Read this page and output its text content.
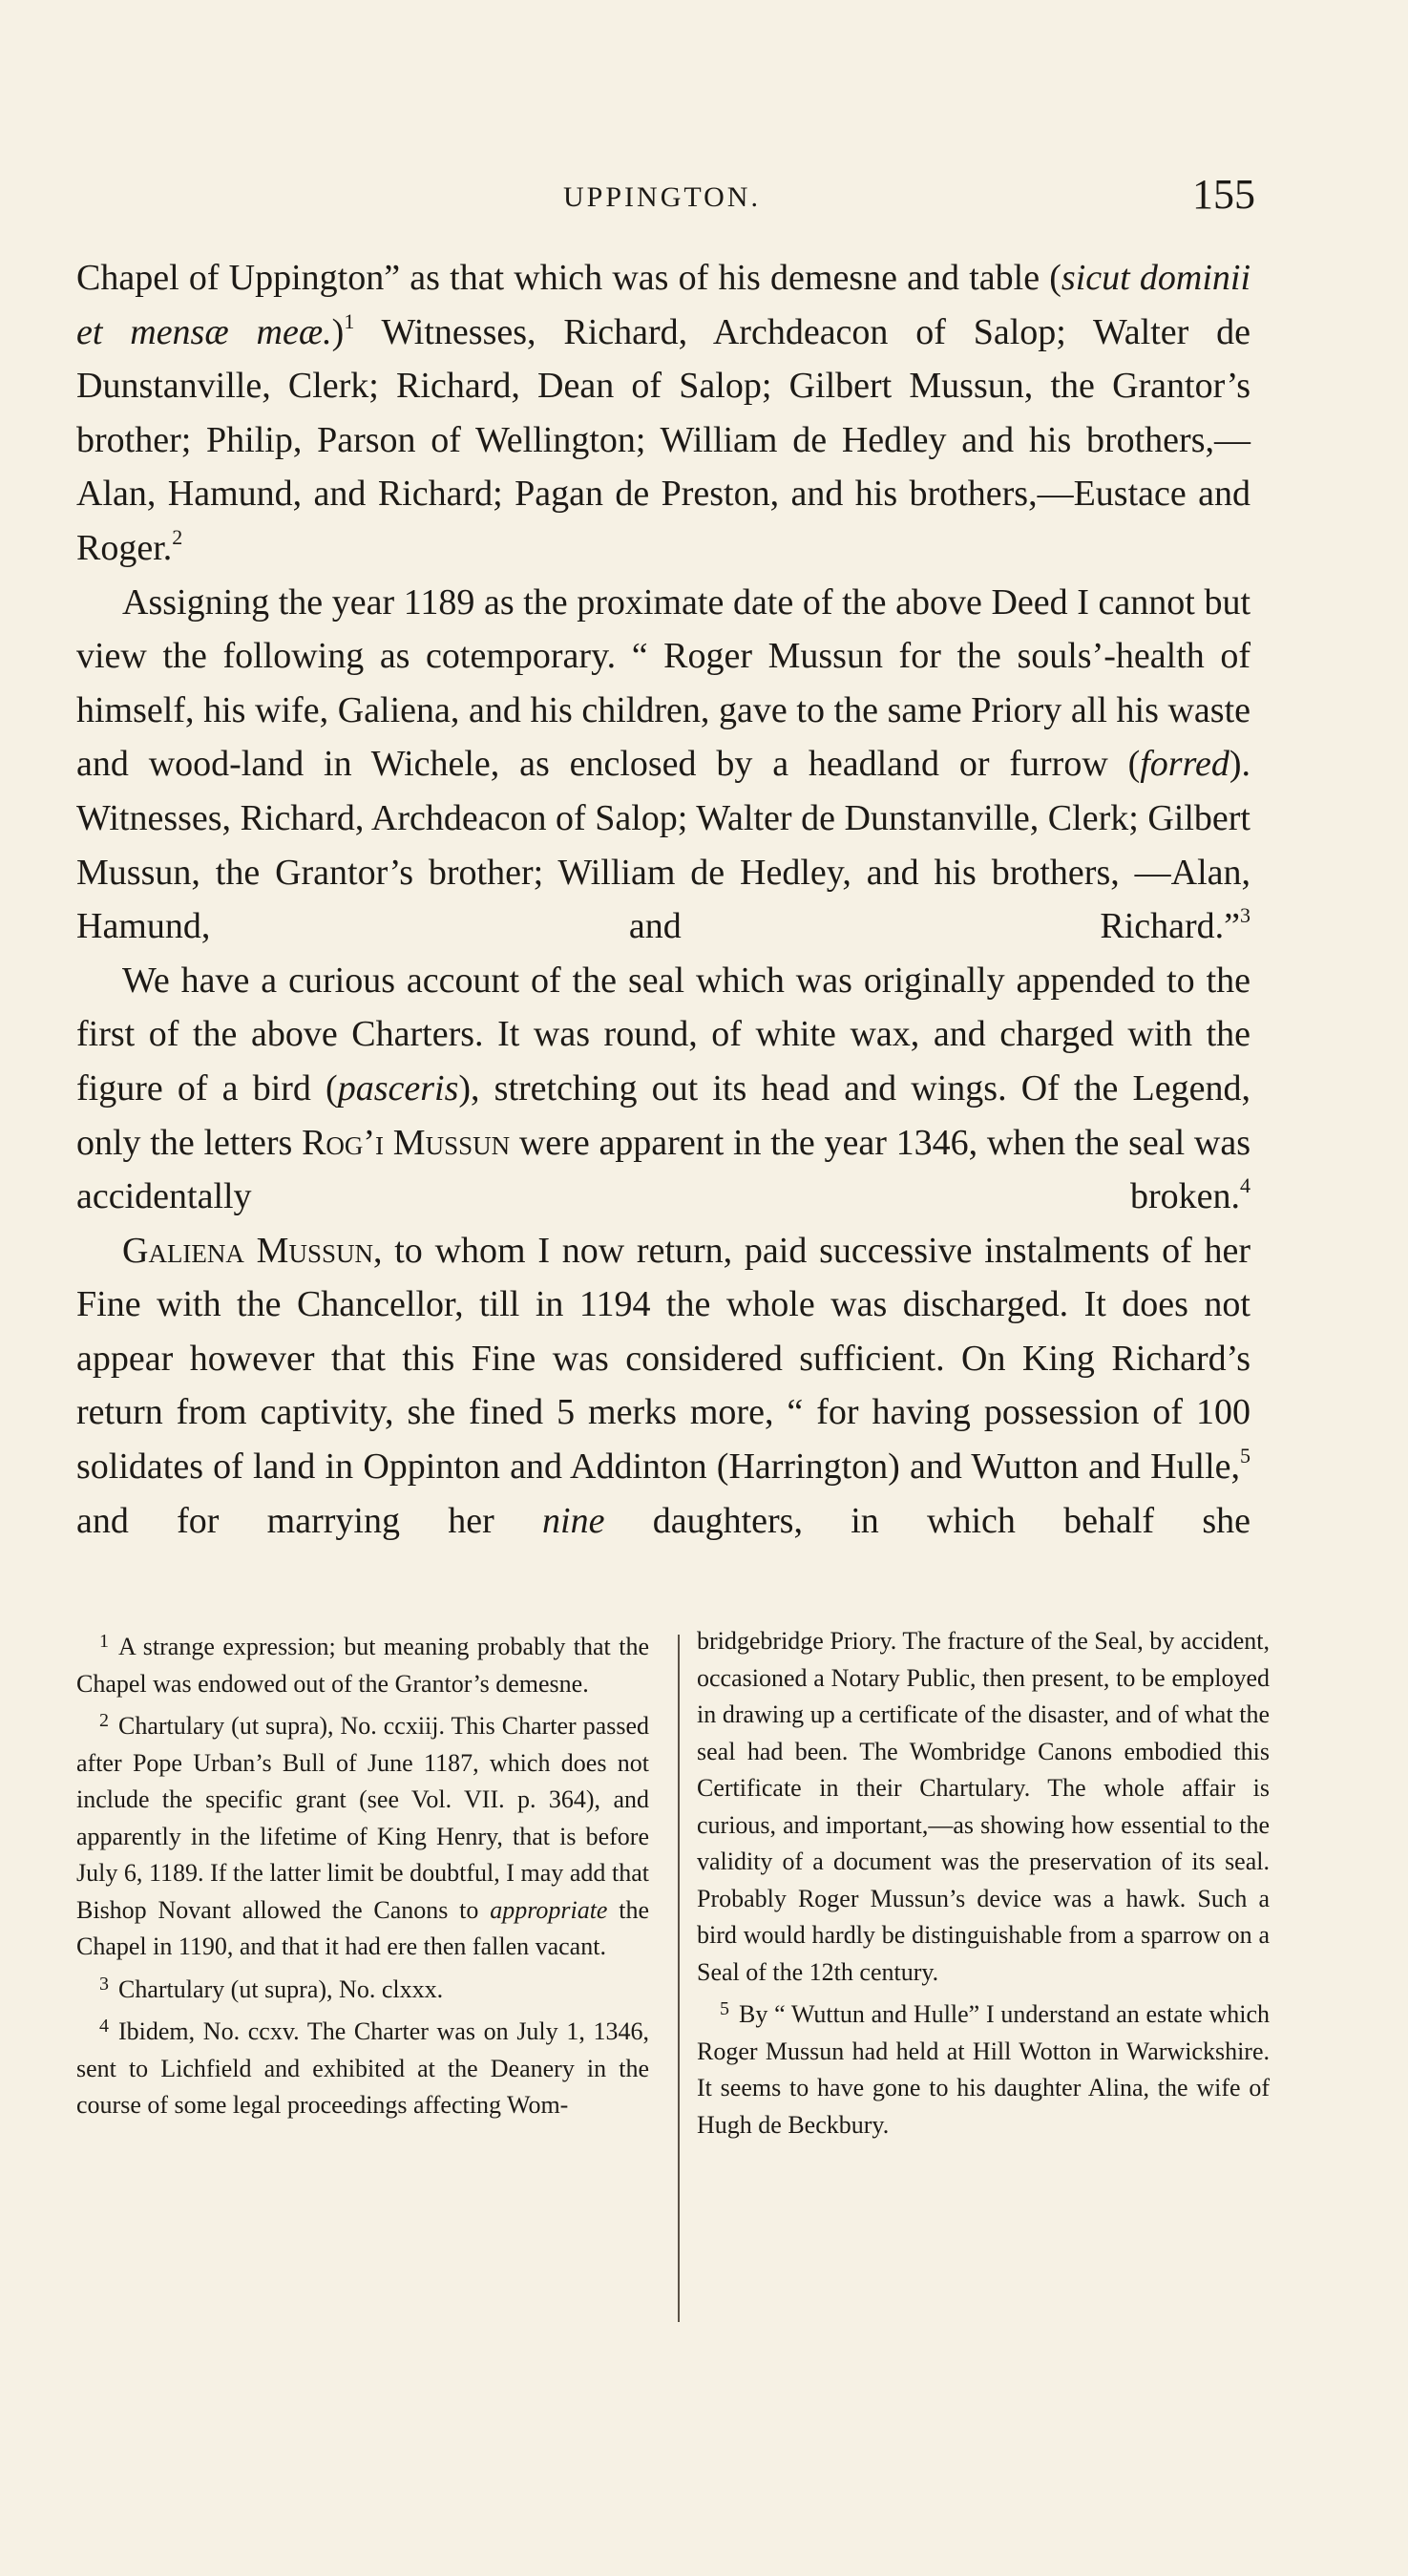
UPPINGTON.	155

Chapel of Uppington” as that which was of his demesne and table (sicut dominii et mensæ meæ.)$^1$ Witnesses, Richard, Archdeacon of Salop; Walter de Dunstanville, Clerk; Richard, Dean of Salop; Gilbert Mussun, the Grantor’s brother; Philip, Parson of Wellington; William de Hedley and his brothers,—Alan, Hamund, and Richard; Pagan de Preston, and his brothers,—Eustace and Roger.$^2$

Assigning the year 1189 as the proximate date of the above Deed I cannot but view the following as cotemporary. “ Roger Mussun for the souls’-health of himself, his wife, Galiena, and his children, gave to the same Priory all his waste and wood-land in Wichele, as enclosed by a headland or furrow (forred). Witnesses, Richard, Archdeacon of Salop; Walter de Dunstanville, Clerk; Gilbert Mussun, the Grantor’s brother; William de Hedley, and his brothers, —Alan, Hamund, and Richard.”$^3$

We have a curious account of the seal which was originally appended to the first of the above Charters. It was round, of white wax, and charged with the figure of a bird (pasceris), stretching out its head and wings. Of the Legend, only the letters Rog’i Mussun were apparent in the year 1346, when the seal was accidentally broken.$^4$

Galiena Mussun, to whom I now return, paid successive instalments of her Fine with the Chancellor, till in 1194 the whole was discharged. It does not appear however that this Fine was considered sufficient. On King Richard’s return from captivity, she fined 5 merks more, “ for having possession of 100 solidates of land in Oppinton and Addinton (Harrington) and Wutton and Hulle,$^5$ and for marrying her nine daughters, in which behalf she

$^1$ A strange expression; but meaning probably that the Chapel was endowed out of the Grantor’s demesne.

$^2$ Chartulary (ut supra), No. ccxiij. This Charter passed after Pope Urban’s Bull of June 1187, which does not include the specific grant (see Vol. VII. p. 364), and apparently in the lifetime of King Henry, that is before July 6, 1189. If the latter limit be doubtful, I may add that Bishop Novant allowed the Canons to appropriate the Chapel in 1190, and that it had ere then fallen vacant.

$^3$ Chartulary (ut supra), No. clxxx.

$^4$ Ibidem, No. ccxv. The Charter was on July 1, 1346, sent to Lichfield and exhibited at the Deanery in the course of some legal proceedings affecting Wom-

bridgebridge Priory. The fracture of the Seal, by accident, occasioned a Notary Public, then present, to be employed in drawing up a certificate of the disaster, and of what the seal had been. The Wombridge Canons embodied this Certificate in their Chartulary. The whole affair is curious, and important,—as showing how essential to the validity of a document was the preservation of its seal. Probably Roger Mussun’s device was a hawk. Such a bird would hardly be distinguishable from a sparrow on a Seal of the 12th century.

$^5$ By “ Wuttun and Hulle” I understand an estate which Roger Mussun had held at Hill Wotton in Warwickshire. It seems to have gone to his daughter Alina, the wife of Hugh de Beckbury.
